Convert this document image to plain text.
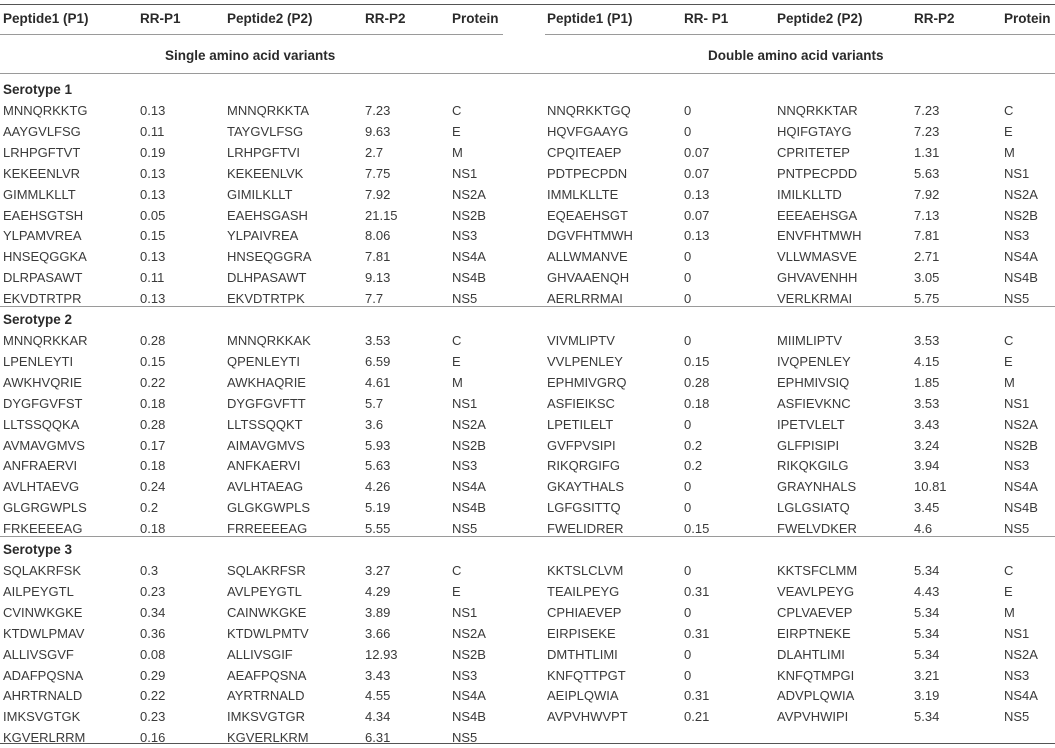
Single amino acid variants	Double amino acid variants
Peptide1 (P1)	RR-P1	Peptide2 (P2)	RR-P2	Protein	Peptide1 (P1)	RR- P1	Peptide2 (P2)	RR-P2	Protein
Serotype 1
MNNQRKKTG	0.13	MNNQRKKTA	7.23	C	NNQRKKTGQ	0	NNQRKKTAR	7.23	C
AAYGVLFSG	0.11	TAYGVLFSG	9.63	E	HQVFGAAYG	0	HQIFGTAYG	7.23	E
LRHPGFTVT	0.19	LRHPGFTVI	2.7	M	CPQITEAEP	0.07	CPRITETEP	1.31	M
KEKEENLVR	0.13	KEKEENLVK	7.75	NS1	PDTPECPDN	0.07	PNTPECPDD	5.63	NS1
GIMMLKLLT	0.13	GIMILKLLT	7.92	NS2A	IMMLKLLTE	0.13	IMILKLLTD	7.92	NS2A
EAEHSGTSH	0.05	EAEHSGASH	21.15	NS2B	EQEAEHSGT	0.07	EEEAEHSGA	7.13	NS2B
YLPAMVREA	0.15	YLPAIVREA	8.06	NS3	DGVFHTMWH	0.13	ENVFHTMWH	7.81	NS3
HNSEQGGKA	0.13	HNSEQGGRA	7.81	NS4A	ALLWMANVE	0	VLLWMASVE	2.71	NS4A
DLRPASAWT	0.11	DLHPASAWT	9.13	NS4B	GHVAAENQH	0	GHVAVENHH	3.05	NS4B
EKVDTRTPR	0.13	EKVDTRTPK	7.7	NS5	AERLRRMAI	0	VERLKRMAI	5.75	NS5
Serotype 2
MNNQRKKAR	0.28	MNNQRKKAK	3.53	C	VIVMLIPTV	0	MIIMLIPTV	3.53	C
LPENLEYTI	0.15	QPENLEYTI	6.59	E	VVLPENLEY	0.15	IVQPENLEY	4.15	E
AWKHVQRIE	0.22	AWKHAQRIE	4.61	M	EPHMIVGRQ	0.28	EPHMIVSIQ	1.85	M
DYGFGVFST	0.18	DYGFGVFTT	5.7	NS1	ASFIEIKSC	0.18	ASFIEVKNC	3.53	NS1
LLTSSQQKA	0.28	LLTSSQQKT	3.6	NS2A	LPETILELT	0	IPETVLELT	3.43	NS2A
AVMAVGMVS	0.17	AIMAVGMVS	5.93	NS2B	GVFPVSIPI	0.2	GLFPISIPI	3.24	NS2B
ANFRAERVI	0.18	ANFKAERVI	5.63	NS3	RIKQRGIFG	0.2	RIKQKGILG	3.94	NS3
AVLHTAEVG	0.24	AVLHTAEAG	4.26	NS4A	GKAYTHALS	0	GRAYNHALS	10.81	NS4A
GLGRGWPLS	0.2	GLGKGWPLS	5.19	NS4B	LGFGSITTQ	0	LGLGSIATQ	3.45	NS4B
FRKEEEEAG	0.18	FRREEEEAG	5.55	NS5	FWELIDRER	0.15	FWELVDKER	4.6	NS5
Serotype 3
SQLAKRFSK	0.3	SQLAKRFSR	3.27	C	KKTSLCLVM	0	KKTSFCLMM	5.34	C
AILPEYGTL	0.23	AVLPEYGTL	4.29	E	TEAILPEYG	0.31	VEAVLPEYG	4.43	E
CVINWKGKE	0.34	CAINWKGKE	3.89	NS1	CPHIAEVEP	0	CPLVAEVEP	5.34	M
KTDWLPMAV	0.36	KTDWLPMTV	3.66	NS2A	EIRPISEKE	0.31	EIRPTNEKE	5.34	NS1
ALLIVSGVF	0.08	ALLIVSGIF	12.93	NS2B	DMTHTLIMI	0	DLAHTLIMI	5.34	NS2A
ADAFPQSNA	0.29	AEAFPQSNA	3.43	NS3	KNFQTTPGT	0	KNFQTMPGI	3.21	NS3
AHRTRNALD	0.22	AYRTRNALD	4.55	NS4A	AEIPLQWIA	0.31	ADVPLQWIA	3.19	NS4A
IMKSVGTGK	0.23	IMKSVGTGR	4.34	NS4B	AVPVHWVPT	0.21	AVPVHWIPI	5.34	NS5
KGVERLRRM	0.16	KGVERLKRM	6.31	NS5
